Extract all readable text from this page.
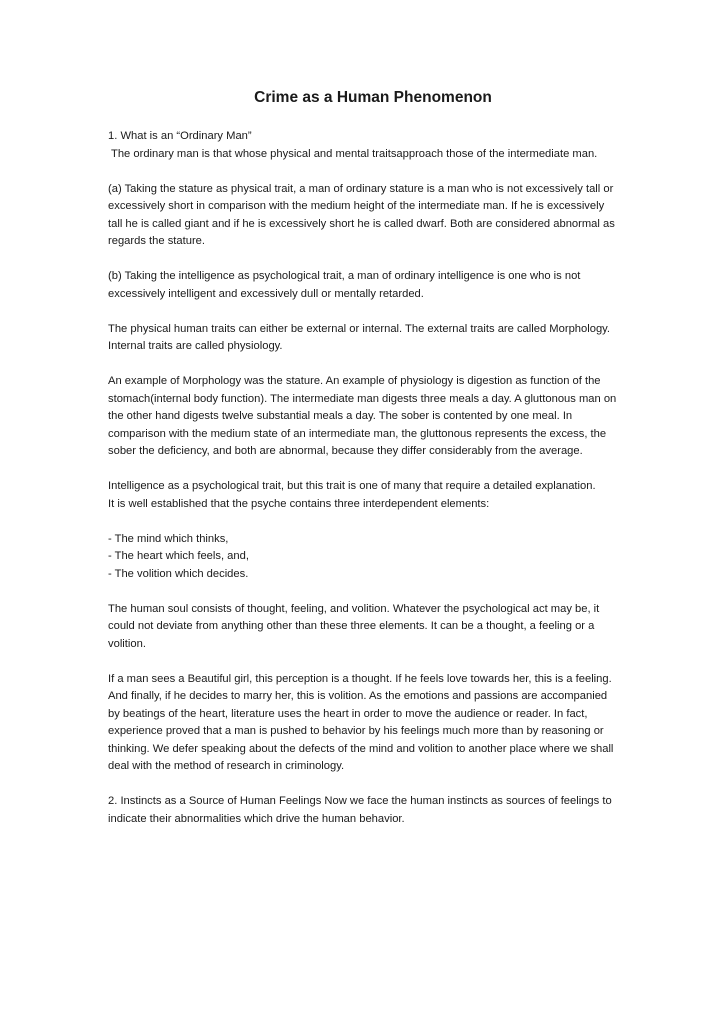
Crime as a Human Phenomenon

1. What is an “Ordinary Man”

The ordinary man is that whose physical and mental traitsapproach those of the intermediate man.

(a) Taking the stature as physical trait, a man of ordinary stature is a man who is not excessively tall or excessively short in comparison with the medium height of the intermediate man. If he is excessively tall he is called giant and if he is excessively short he is called dwarf. Both are considered abnormal as regards the stature.

(b) Taking the intelligence as psychological trait, a man of ordinary intelligence is one who is not excessively intelligent and excessively dull or mentally retarded.

The physical human traits can either be external or internal. The external traits are called Morphology. Internal traits are called physiology.

An example of Morphology was the stature. An example of physiology is digestion as function of the stomach(internal body function). The intermediate man digests three meals a day. A gluttonous man on the other hand digests twelve substantial meals a day. The sober is contented by one meal. In comparison with the medium state of an intermediate man, the gluttonous represents the excess, the sober the deficiency, and both are abnormal, because they differ considerably from the average.

Intelligence as a psychological trait, but this trait is one of many that require a detailed explanation.

It is well established that the psyche contains three interdependent elements:

- The mind which thinks,
- The heart which feels, and,
- The volition which decides.

The human soul consists of thought, feeling, and volition. Whatever the psychological act may be, it could not deviate from anything other than these three elements. It can be a thought, a feeling or a volition.

If a man sees a Beautiful girl, this perception is a thought. If he feels love towards her, this is a feeling. And finally, if he decides to marry her, this is volition. As the emotions and passions are accompanied by beatings of the heart, literature uses the heart in order to move the audience or reader. In fact, experience proved that a man is pushed to behavior by his feelings much more than by reasoning or thinking. We defer speaking about the defects of the mind and volition to another place where we shall deal with the method of research in criminology.

2. Instincts as a Source of Human Feelings Now we face the human instincts as sources of feelings to indicate their abnormalities which drive the human behavior.
